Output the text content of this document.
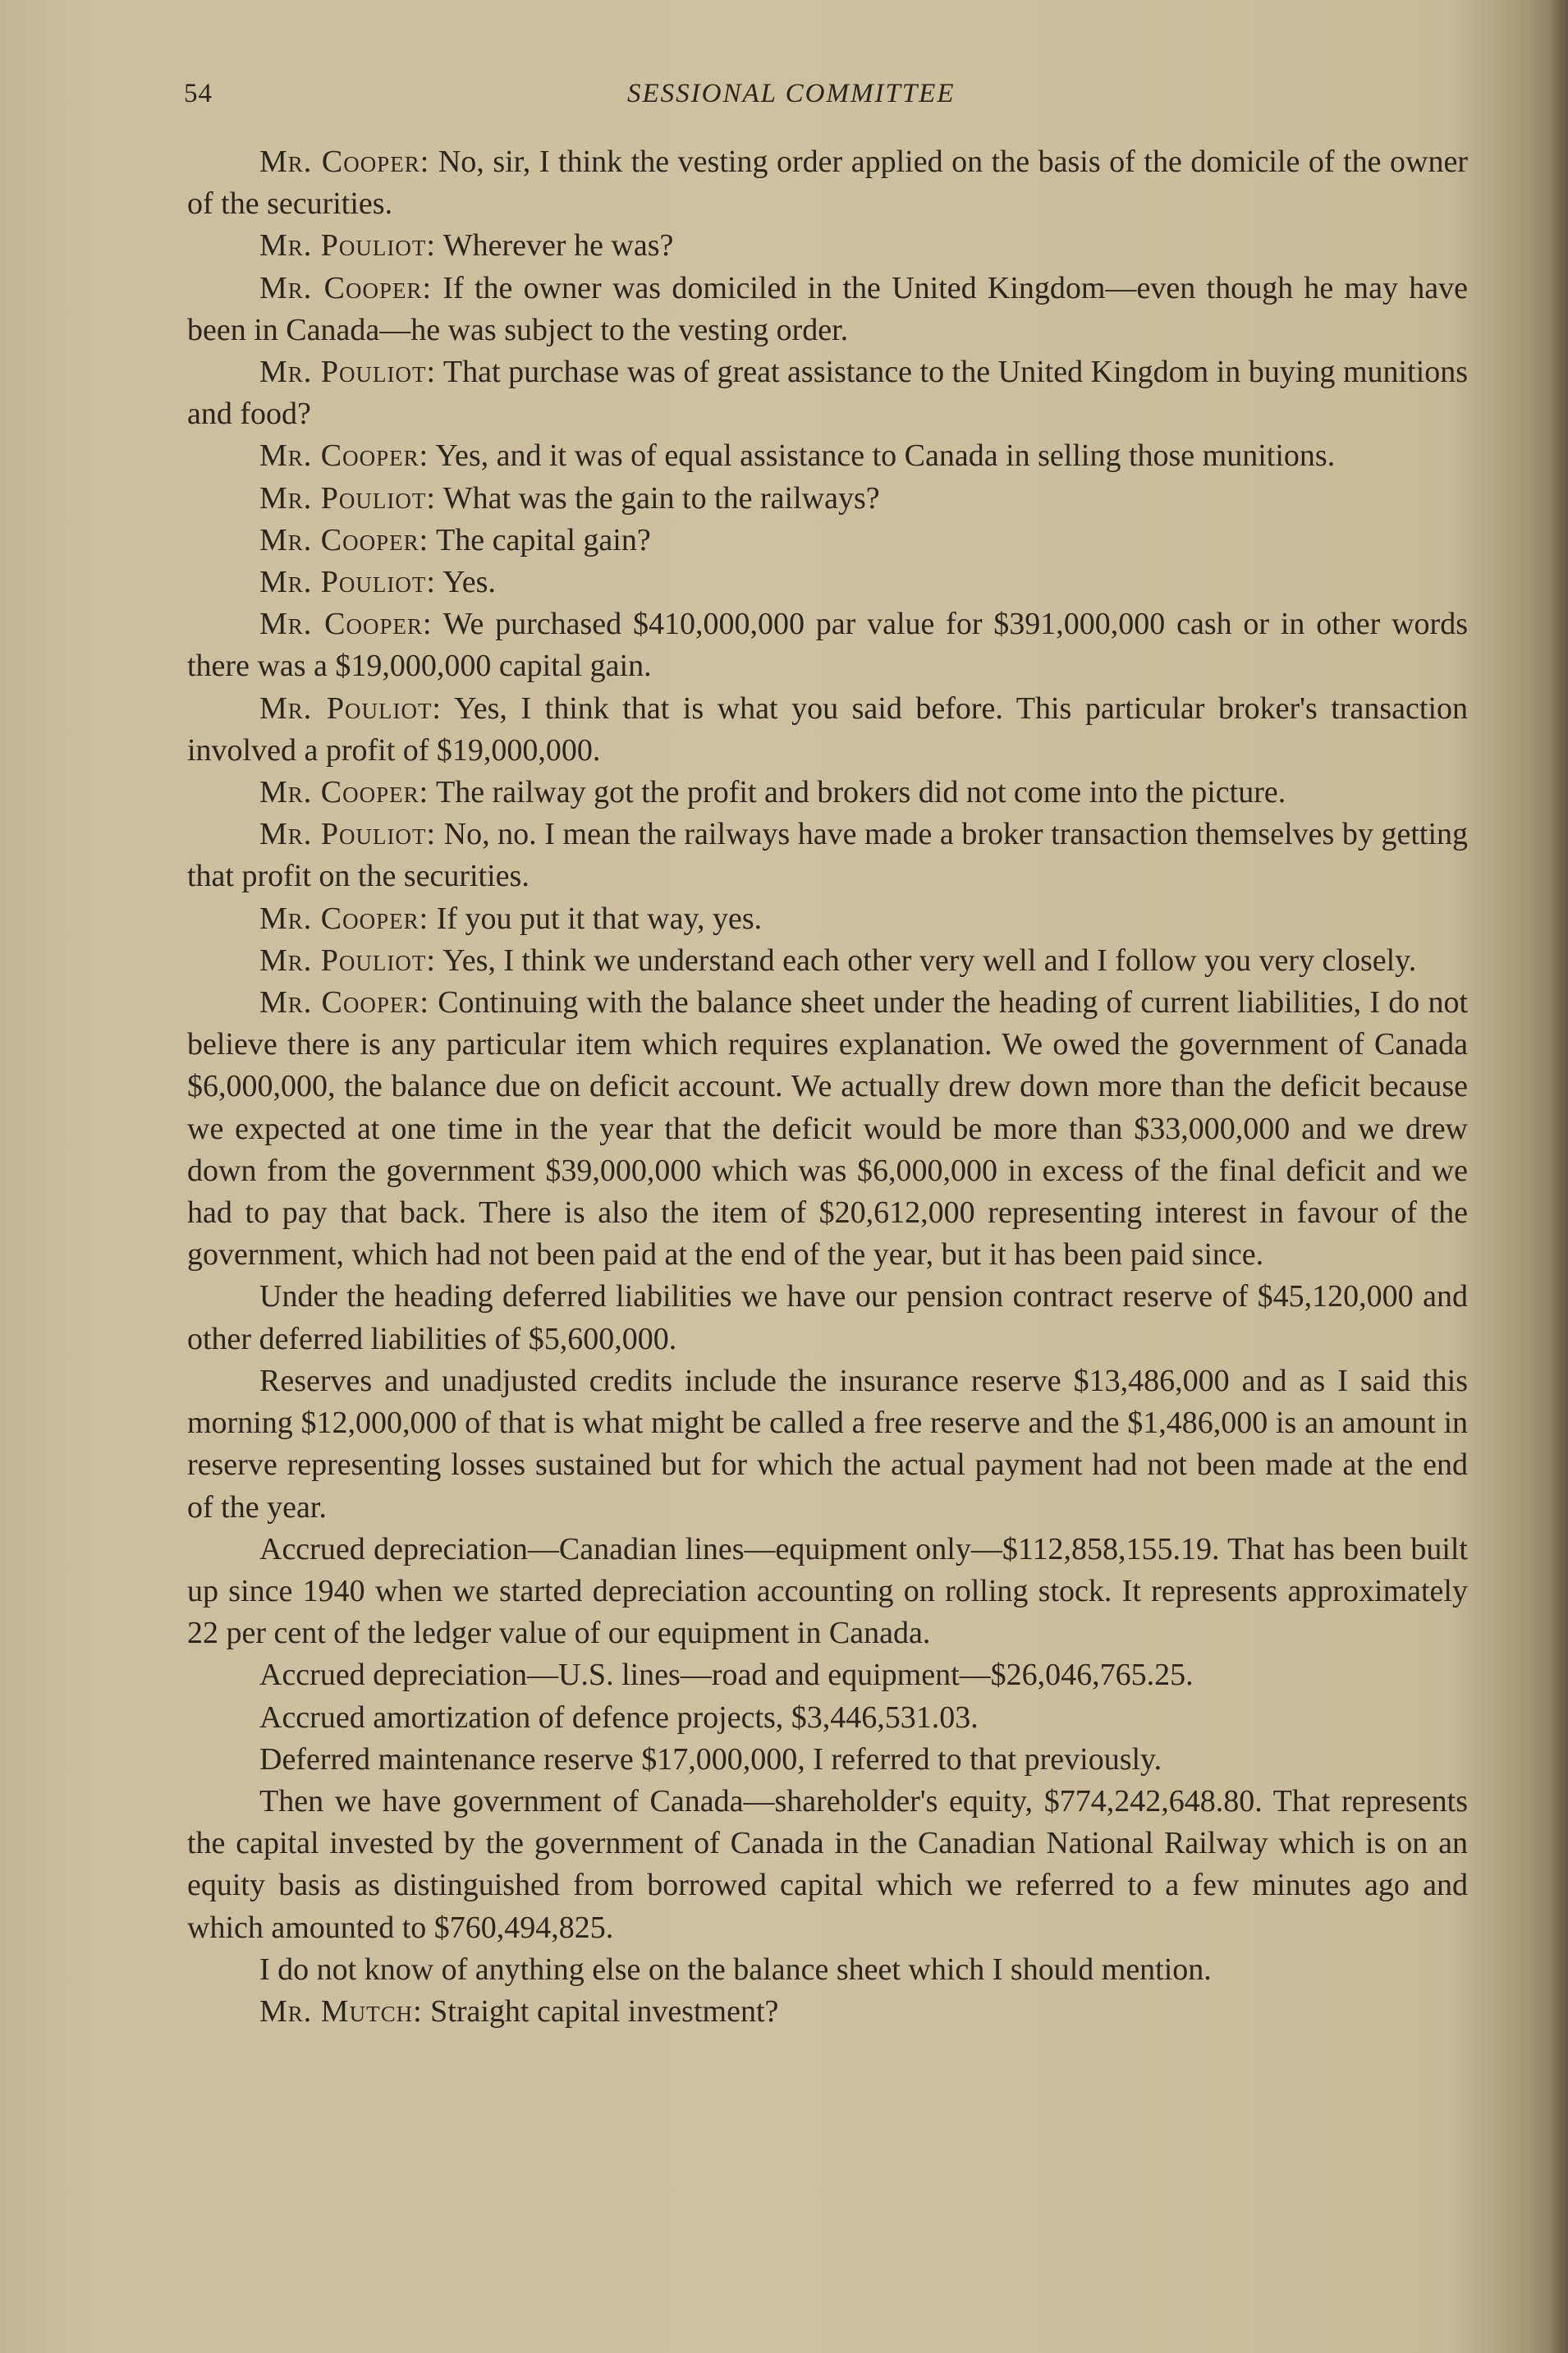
54	SESSIONAL COMMITTEE

Mr. Cooper: No, sir, I think the vesting order applied on the basis of the domicile of the owner of the securities.

Mr. Pouliot: Wherever he was?

Mr. Cooper: If the owner was domiciled in the United Kingdom—even though he may have been in Canada—he was subject to the vesting order.

Mr. Pouliot: That purchase was of great assistance to the United Kingdom in buying munitions and food?

Mr. Cooper: Yes, and it was of equal assistance to Canada in selling those munitions.

Mr. Pouliot: What was the gain to the railways?

Mr. Cooper: The capital gain?

Mr. Pouliot: Yes.

Mr. Cooper: We purchased $410,000,000 par value for $391,000,000 cash or in other words there was a $19,000,000 capital gain.

Mr. Pouliot: Yes, I think that is what you said before. This particular broker's transaction involved a profit of $19,000,000.

Mr. Cooper: The railway got the profit and brokers did not come into the picture.

Mr. Pouliot: No, no. I mean the railways have made a broker transaction themselves by getting that profit on the securities.

Mr. Cooper: If you put it that way, yes.

Mr. Pouliot: Yes, I think we understand each other very well and I follow you very closely.

Mr. Cooper: Continuing with the balance sheet under the heading of current liabilities, I do not believe there is any particular item which requires explanation. We owed the government of Canada $6,000,000, the balance due on deficit account. We actually drew down more than the deficit because we expected at one time in the year that the deficit would be more than $33,000,000 and we drew down from the government $39,000,000 which was $6,000,000 in excess of the final deficit and we had to pay that back. There is also the item of $20,612,000 representing interest in favour of the government, which had not been paid at the end of the year, but it has been paid since.

Under the heading deferred liabilities we have our pension contract reserve of $45,120,000 and other deferred liabilities of $5,600,000.

Reserves and unadjusted credits include the insurance reserve $13,486,000 and as I said this morning $12,000,000 of that is what might be called a free reserve and the $1,486,000 is an amount in reserve representing losses sustained but for which the actual payment had not been made at the end of the year.

Accrued depreciation—Canadian lines—equipment only—$112,858,155.19. That has been built up since 1940 when we started depreciation accounting on rolling stock. It represents approximately 22 per cent of the ledger value of our equipment in Canada.

Accrued depreciation—U.S. lines—road and equipment—$26,046,765.25.

Accrued amortization of defence projects, $3,446,531.03.

Deferred maintenance reserve $17,000,000, I referred to that previously.

Then we have government of Canada—shareholder's equity, $774,242,648.80. That represents the capital invested by the government of Canada in the Canadian National Railway which is on an equity basis as distinguished from borrowed capital which we referred to a few minutes ago and which amounted to $760,494,825.

I do not know of anything else on the balance sheet which I should mention.

Mr. Mutch: Straight capital investment?
